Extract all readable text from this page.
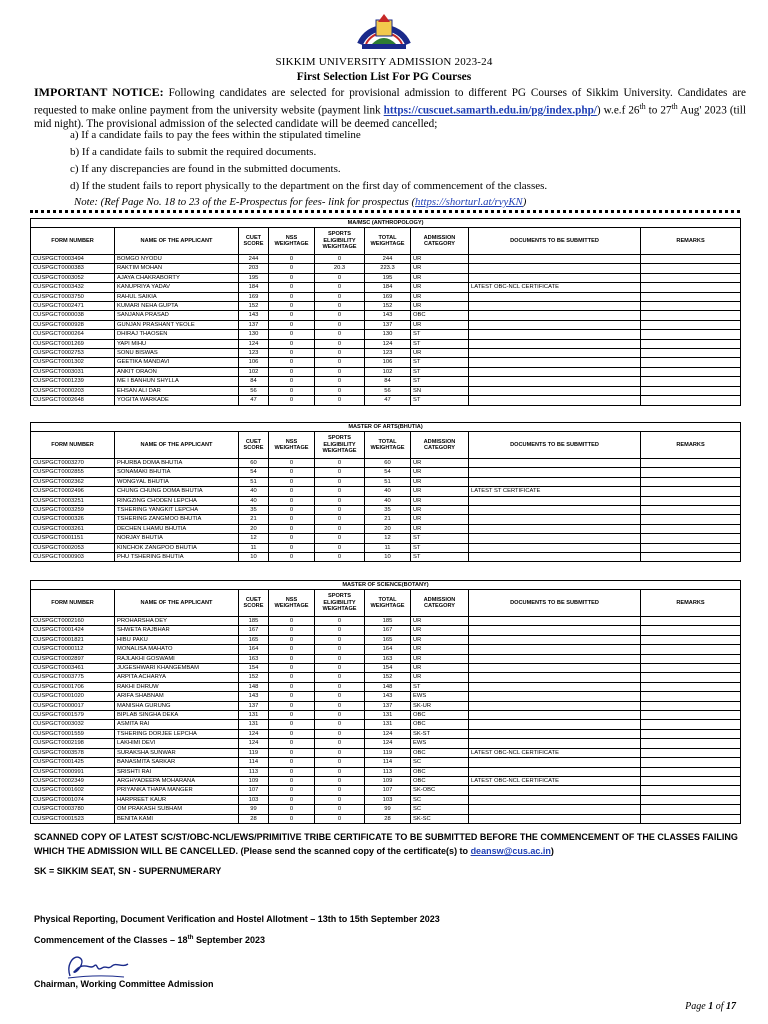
SIKKIM UNIVERSITY ADMISSION 2023-24
First Selection List For PG Courses
IMPORTANT NOTICE: Following candidates are selected for provisional admission to different PG Courses of Sikkim University. Candidates are requested to make online payment from the university website (payment link https://cuscuet.samarth.edu.in/pg/index.php/) w.e.f 26th to 27th Aug' 2023 (till mid night). The provisional admission of the selected candidate will be deemed cancelled;
a) If a candidate fails to pay the fees within the stipulated timeline
b) If a candidate fails to submit the required documents.
c) If any discrepancies are found in the submitted documents.
d) If the student fails to report physically to the department on the first day of commencement of the classes.
Note: (Ref Page No. 18 to 23 of the E-Prospectus for fees- link for prospectus (https://shorturl.at/rvyKN)
MA/MSC (ANTHROPOLOGY)								
FORM NUMBER	NAME OF THE APPLICANT	CUET SCORE	NSS WEIGHTAGE	SPORTS ELIGIBILITY WEIGHTAGE	TOTAL WEIGHTAGE	ADMISSION CATEGORY	DOCUMENTS TO BE SUBMITTED	REMARKS
CUSPGCT0003494	BOMGO NYODU	244	0	0	244	UR		
CUSPGCT0000383	RAKTIM MOHAN	203	0	20.3	223.3	UR		
CUSPGCT0003052	AJAYA CHAKRABORTY	195	0	0	195	UR		
CUSPGCT0003432	KANUPRIYA YADAV	184	0	0	184	UR	LATEST OBC-NCL CERTIFICATE	
CUSPGCT0003750	RAHUL SAIKIA	169	0	0	169	UR		
CUSPGCT0002471	KUMARI NEHA GUPTA	152	0	0	152	UR		
CUSPGCT0000038	SANJANA PRASAD	143	0	0	143	OBC		
CUSPGCT0000928	GUNJAN PRASHANT YEOLE	137	0	0	137	UR		
CUSPGCT0000264	DHIRAJ THAOSEN	130	0	0	130	ST		
CUSPGCT0001269	YAPI MIHU	124	0	0	124	ST		
CUSPGCT0002753	SONU BISWAS	123	0	0	123	UR		
CUSPGCT0001302	GEETIKA MANDAVI	106	0	0	106	ST		
CUSPGCT0003031	ANKIT ORAON	102	0	0	102	ST		
CUSPGCT0001239	ME I BANHUN SHYLLA	84	0	0	84	ST		
CUSPGCT0000203	EHSAN ALI DAR	56	0	0	56	SN		
CUSPGCT0002648	YOGITA WARKADE	47	0	0	47	ST		
MASTER OF ARTS(BHUTIA)								
FORM NUMBER	NAME OF THE APPLICANT	CUET SCORE	NSS WEIGHTAGE	SPORTS ELIGIBILITY WEIGHTAGE	TOTAL WEIGHTAGE	ADMISSION CATEGORY	DOCUMENTS TO BE SUBMITTED	REMARKS
CUSPGCT0003270	PHURBA DOMA BHUTIA	60	0	0	60	UR		
CUSPGCT0002855	SONAMAKI BHUTIA	54	0	0	54	UR		
CUSPGCT0002362	WONGYAL BHUTIA	51	0	0	51	UR		
CUSPGCT0002496	CHUNG CHUNG DOMA BHUTIA	40	0	0	40	UR	LATEST ST CERTIFICATE	
CUSPGCT0003251	RINGZING CHODEN LEPCHA	40	0	0	40	UR		
CUSPGCT0003259	TSHERING YANGKIT LEPCHA	35	0	0	35	UR		
CUSPGCT0000326	TSHERING ZANGMOO BHUTIA	21	0	0	21	UR		
CUSPGCT0003261	DECHEN LHAMU BHUTIA	20	0	0	20	UR		
CUSPGCT0001151	NORJAY BHUTIA	12	0	0	12	ST		
CUSPGCT0002053	KINCHOK ZANGPOO BHUTIA	11	0	0	11	ST		
CUSPGCT0000903	PHU TSHERING BHUTIA	10	0	0	10	ST		
MASTER OF SCIENCE(BOTANY)								
FORM NUMBER	NAME OF THE APPLICANT	CUET SCORE	NSS WEIGHTAGE	SPORTS ELIGIBILITY WEIGHTAGE	TOTAL WEIGHTAGE	ADMISSION CATEGORY	DOCUMENTS TO BE SUBMITTED	REMARKS
CUSPGCT0002160	PROHARSHA DEY	185	0	0	185	UR		
CUSPGCT0001424	SHWETA RAJBHAR	167	0	0	167	UR		
CUSPGCT0001821	HIBU PAKU	165	0	0	165	UR		
CUSPGCT0000112	MONALISA MAHATO	164	0	0	164	UR		
CUSPGCT0002897	RAJLAKHI GOSWAMI	163	0	0	163	UR		
CUSPGCT0003461	JUGESHWARI KHANGEMBAM	154	0	0	154	UR		
CUSPGCT0003775	ARPITA ACHARYA	152	0	0	152	UR		
CUSPGCT0001706	RAKHI DHRUW	148	0	0	148	ST		
CUSPGCT0001020	ARIFA SHABNAM	143	0	0	143	EWS		
CUSPGCT0000017	MANISHA GURUNG	137	0	0	137	SK-UR		
CUSPGCT0001579	BIPLAB SINGHA DEKA	131	0	0	131	OBC		
CUSPGCT0003032	ASMITA RAI	131	0	0	131	OBC		
CUSPGCT0001559	TSHERING DORJEE LEPCHA	124	0	0	124	SK-ST		
CUSPGCT0002198	LAKHIMI DEVI	124	0	0	124	EWS		
CUSPGCT0003578	SURAKSHA SUNWAR	119	0	0	119	OBC	LATEST OBC-NCL CERTIFICATE	
CUSPGCT0001425	BANASMITA SARKAR	114	0	0	114	SC		
CUSPGCT0000991	SRISHTI RAI	113	0	0	113	OBC		
CUSPGCT0002349	ARGHYADEEPA MOHARANA	109	0	0	109	OBC	LATEST OBC-NCL CERTIFICATE	
CUSPGCT0001602	PRIYANKA THAPA MANGER	107	0	0	107	SK-OBC		
CUSPGCT0001074	HARPREET KAUR	103	0	0	103	SC		
CUSPGCT0003780	OM PRAKASH SUBHAM	99	0	0	99	SC		
CUSPGCT0001523	BENITA KAMI	28	0	0	28	SK-SC		
SCANNED COPY OF LATEST SC/ST/OBC-NCL/EWS/PRIMITIVE TRIBE CERTIFICATE TO BE SUBMITTED BEFORE THE COMMENCEMENT OF THE CLASSES FAILING WHICH THE ADMISSION WILL BE CANCELLED. (Please send the scanned copy of the certificate(s) to deansw@cus.ac.in)
SK = SIKKIM SEAT, SN - SUPERNUMERARY
Physical Reporting, Document Verification and Hostel Allotment – 13th to 15th September 2023
Commencement of the Classes – 18th September 2023
Chairman, Working Committee Admission
Page 1 of 17
